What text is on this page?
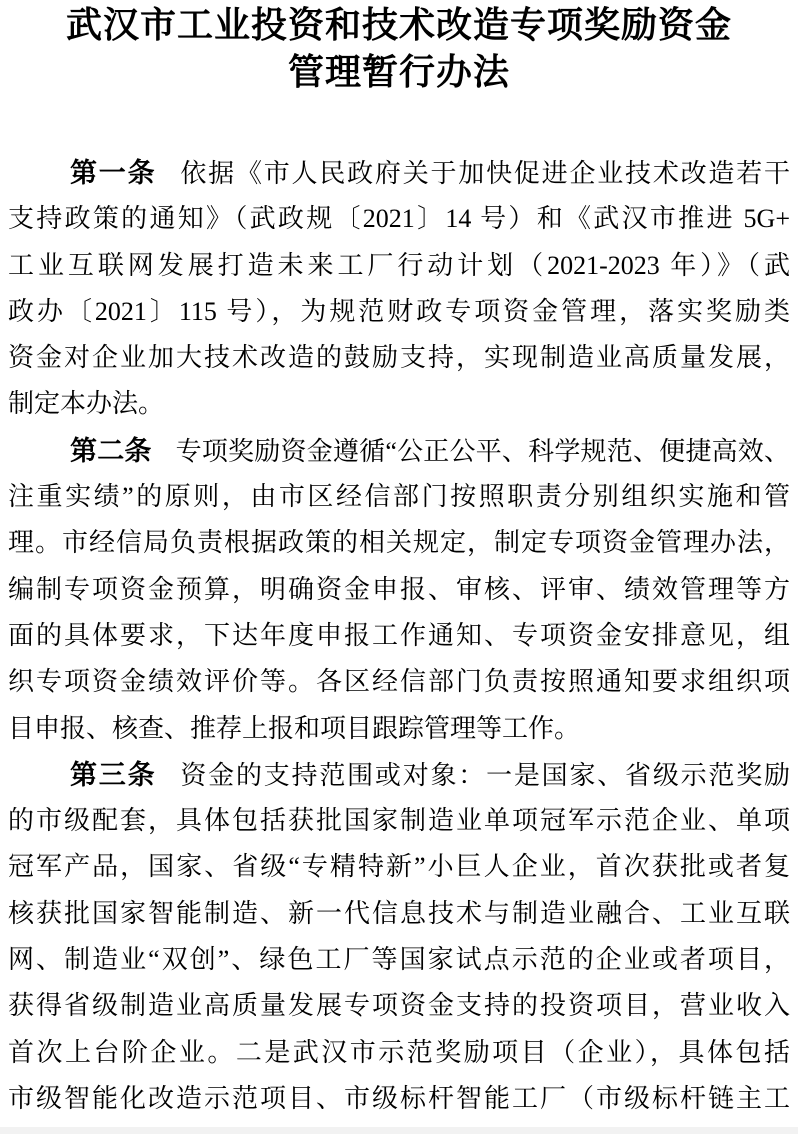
武汉市工业投资和技术改造专项奖励资金
管理暂行办法
第一条 依据《市人民政府关于加快促进企业技术改造若干
支持政策的通知》（武政规〔2021〕14 号）和《武汉市推进 5G+
工业互联网发展打造未来工厂行动计划（2021-2023 年）》（武
政办〔2021〕115 号），为规范财政专项资金管理，落实奖励类
资金对企业加大技术改造的鼓励支持，实现制造业高质量发展，
制定本办法。
第二条 专项奖励资金遵循“公正公平、科学规范、便捷高效、
注重实绩”的原则，由市区经信部门按照职责分别组织实施和管
理。市经信局负责根据政策的相关规定，制定专项资金管理办法，
编制专项资金预算，明确资金申报、审核、评审、绩效管理等方
面的具体要求，下达年度申报工作通知、专项资金安排意见，组
织专项资金绩效评价等。各区经信部门负责按照通知要求组织项
目申报、核查、推荐上报和项目跟踪管理等工作。
第三条 资金的支持范围或对象：一是国家、省级示范奖励
的市级配套，具体包括获批国家制造业单项冠军示范企业、单项
冠军产品，国家、省级“专精特新”小巨人企业，首次获批或者复
核获批国家智能制造、新一代信息技术与制造业融合、工业互联
网、制造业“双创”、绿色工厂等国家试点示范的企业或者项目，
获得省级制造业高质量发展专项资金支持的投资项目，营业收入
首次上台阶企业。二是武汉市示范奖励项目（企业），具体包括
市级智能化改造示范项目、市级标杆智能工厂（市级标杆链主工
